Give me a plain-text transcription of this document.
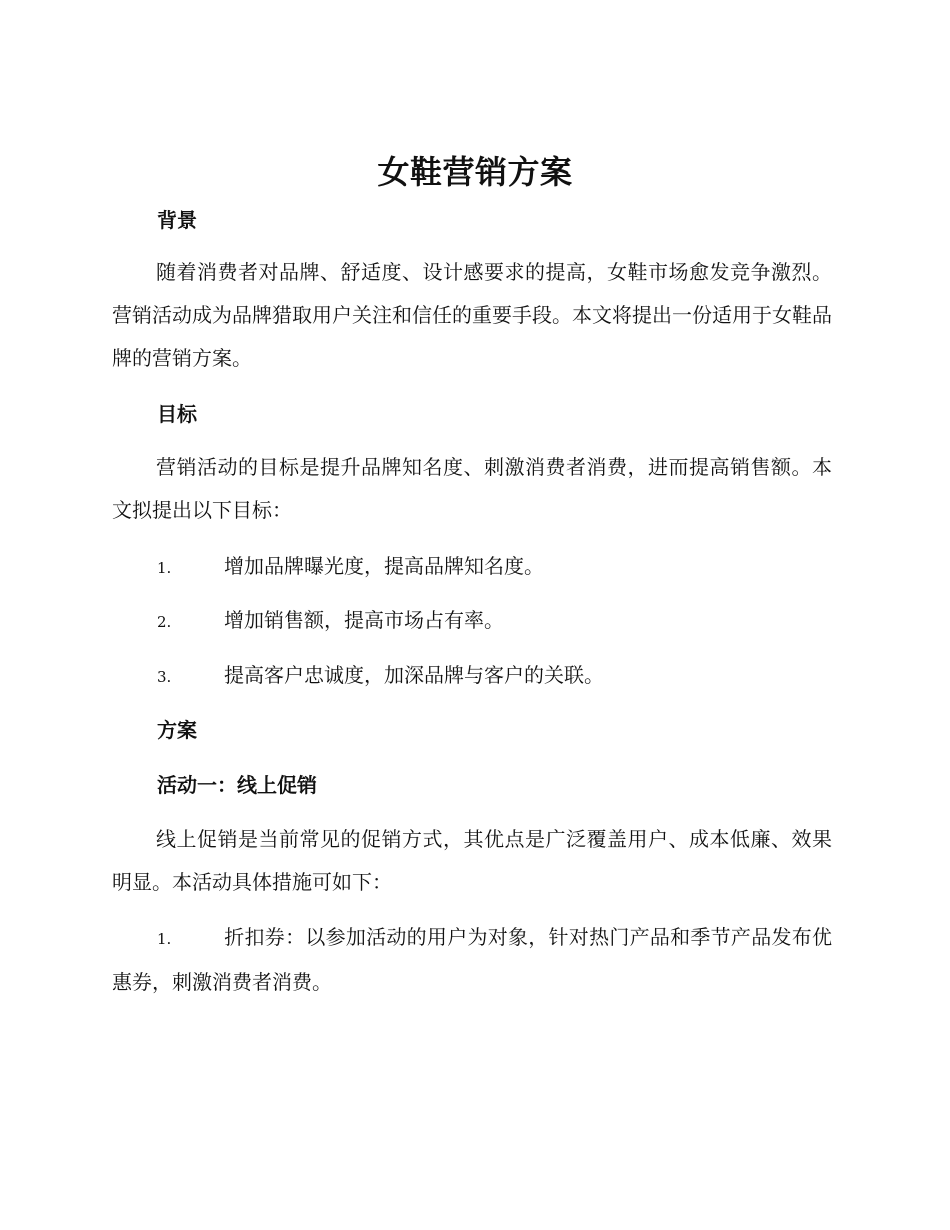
女鞋营销方案
背景
随着消费者对品牌、舒适度、设计感要求的提高，女鞋市场愈发竞争激烈。营销活动成为品牌猎取用户关注和信任的重要手段。本文将提出一份适用于女鞋品牌的营销方案。
目标
营销活动的目标是提升品牌知名度、刺激消费者消费，进而提高销售额。本文拟提出以下目标：
1.	增加品牌曝光度，提高品牌知名度。
2.	增加销售额，提高市场占有率。
3.	提高客户忠诚度，加深品牌与客户的关联。
方案
活动一：线上促销
线上促销是当前常见的促销方式，其优点是广泛覆盖用户、成本低廉、效果明显。本活动具体措施可如下：
1.	折扣券：以参加活动的用户为对象，针对热门产品和季节产品发布优惠券，刺激消费者消费。
